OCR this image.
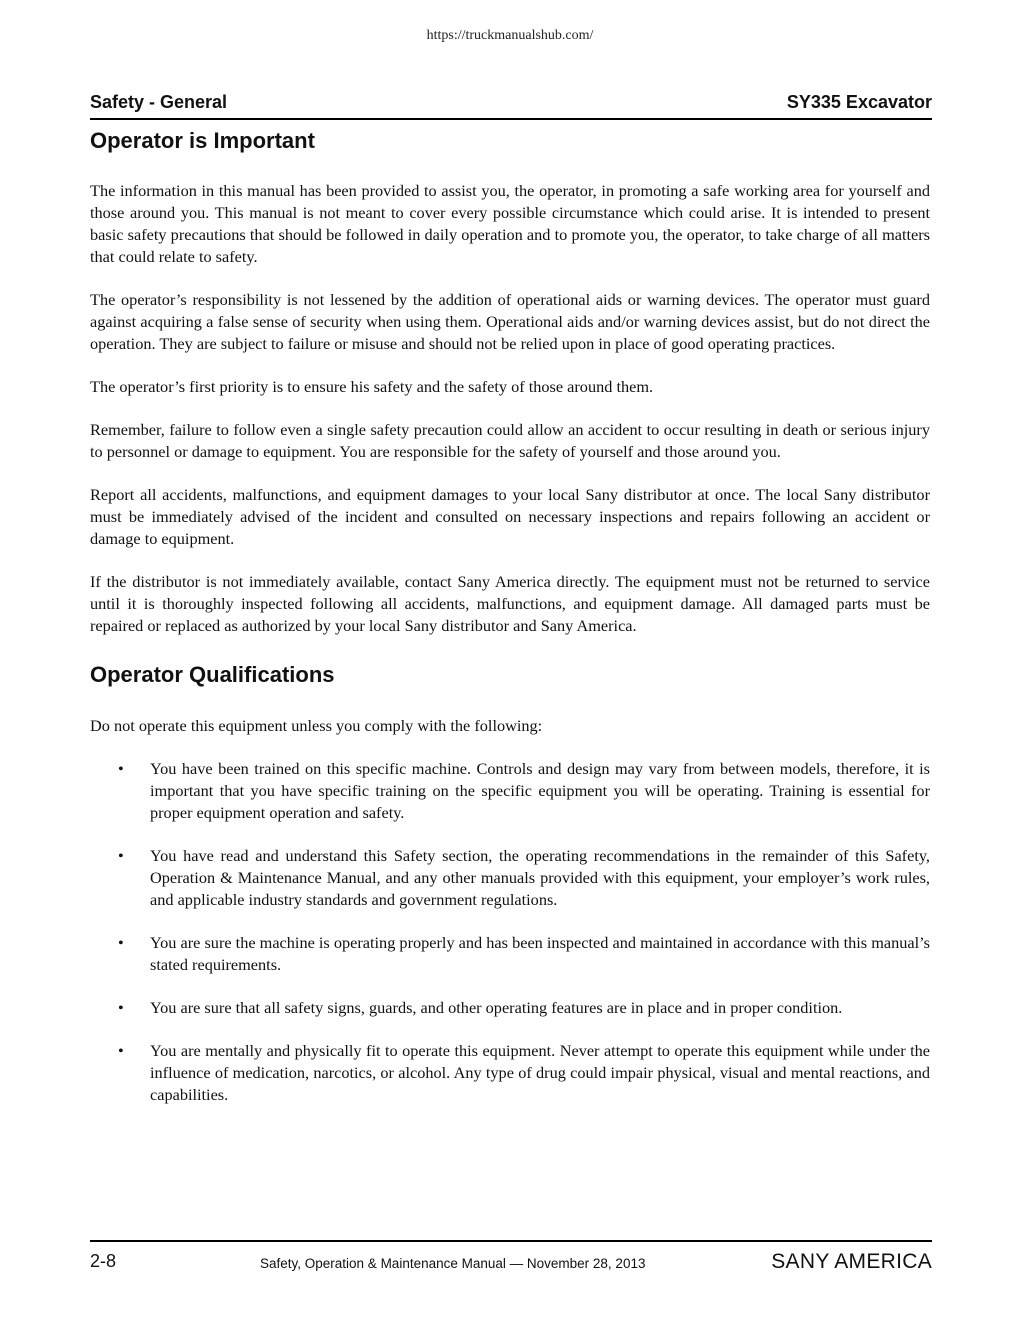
https://truckmanualshub.com/
Safety - General	SY335 Excavator
Operator is Important

The information in this manual has been provided to assist you, the operator, in promoting a safe working area for yourself and those around you. This manual is not meant to cover every possible circumstance which could arise. It is intended to present basic safety precautions that should be followed in daily operation and to promote you, the operator, to take charge of all matters that could relate to safety.

The operator’s responsibility is not lessened by the addition of operational aids or warning devices. The operator must guard against acquiring a false sense of security when using them. Operational aids and/or warning devices assist, but do not direct the operation. They are subject to failure or misuse and should not be relied upon in place of good operating practices.

The operator’s first priority is to ensure his safety and the safety of those around them.

Remember, failure to follow even a single safety precaution could allow an accident to occur resulting in death or serious injury to personnel or damage to equipment. You are responsible for the safety of yourself and those around you.

Report all accidents, malfunctions, and equipment damages to your local Sany distributor at once. The local Sany distributor must be immediately advised of the incident and consulted on necessary inspections and repairs following an accident or damage to equipment.

If the distributor is not immediately available, contact Sany America directly. The equipment must not be returned to service until it is thoroughly inspected following all accidents, malfunctions, and equipment damage. All damaged parts must be repaired or replaced as authorized by your local Sany distributor and Sany America.

Operator Qualifications

Do not operate this equipment unless you comply with the following:

• You have been trained on this specific machine. Controls and design may vary from between models, therefore, it is important that you have specific training on the specific equipment you will be operating. Training is essential for proper equipment operation and safety.
• You have read and understand this Safety section, the operating recommendations in the remainder of this Safety, Operation & Maintenance Manual, and any other manuals provided with this equipment, your employer’s work rules, and applicable industry standards and government regulations.
• You are sure the machine is operating properly and has been inspected and maintained in accordance with this manual’s stated requirements.
• You are sure that all safety signs, guards, and other operating features are in place and in proper condition.
• You are mentally and physically fit to operate this equipment. Never attempt to operate this equipment while under the influence of medication, narcotics, or alcohol. Any type of drug could impair physical, visual and mental reactions, and capabilities.
2-8	Safety, Operation & Maintenance Manual — November 28, 2013	SANY AMERICA
